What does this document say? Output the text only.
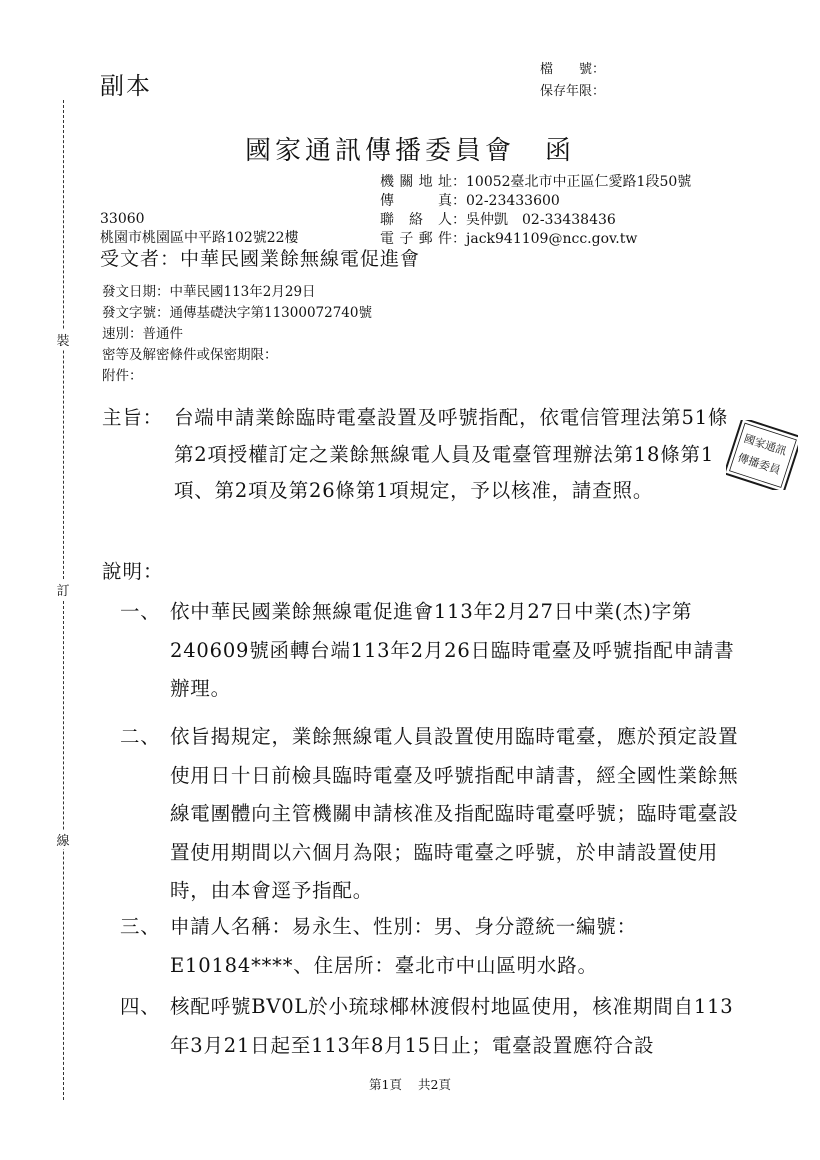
副本
檔　　號：
保存年限：
裝
訂
線
國家通訊傳播委員會　函
機關地址：10052臺北市中正區仁愛路1段50號
傳　　真：02-23433600
聯 絡 人：吳仲凱　02-33438436
電子郵件：jack941109@ncc.gov.tw
33060
桃園市桃園區中平路102號22樓
受文者：中華民國業餘無線電促進會
發文日期：中華民國113年2月29日
發文字號：通傳基礎決字第11300072740號
速別：普通件
密等及解密條件或保密期限：
附件：
主旨： 台端申請業餘臨時電臺設置及呼號指配，依電信管理法第51條第2項授權訂定之業餘無線電人員及電臺管理辦法第18條第1項、第2項及第26條第1項規定，予以核准，請查照。
國家通訊
傳播委員
說明：
一、 依中華民國業餘無線電促進會113年2月27日中業(杰)字第240609號函轉台端113年2月26日臨時電臺及呼號指配申請書辦理。
二、 依旨揭規定，業餘無線電人員設置使用臨時電臺，應於預定設置使用日十日前檢具臨時電臺及呼號指配申請書，經全國性業餘無線電團體向主管機關申請核准及指配臨時電臺呼號；臨時電臺設置使用期間以六個月為限；臨時電臺之呼號，於申請設置使用時，由本會逕予指配。
三、 申請人名稱：易永生、性別：男、身分證統一編號：E10184****、住居所：臺北市中山區明水路。
四、 核配呼號BV0L於小琉球椰林渡假村地區使用，核准期間自113年3月21日起至113年8月15日止；電臺設置應符合設
第1頁 共2頁
